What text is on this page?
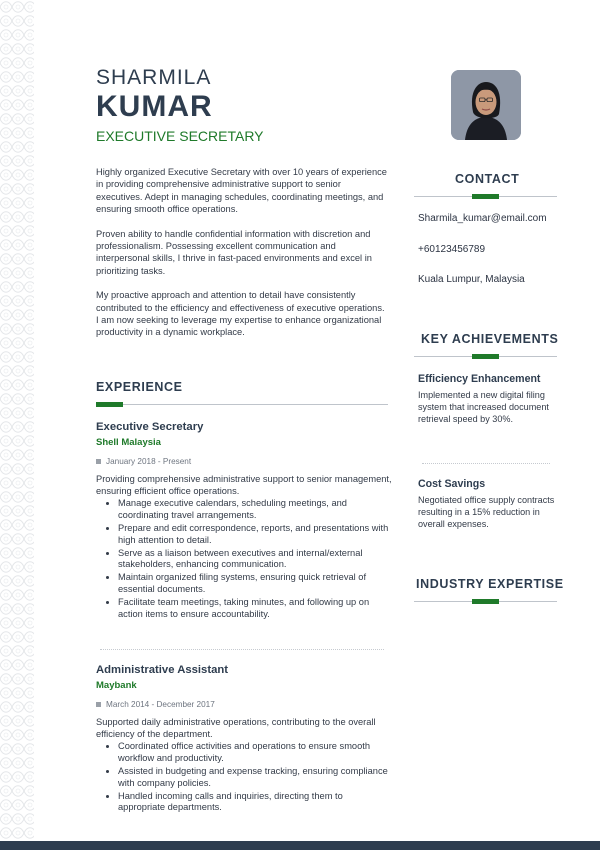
SHARMILA
KUMAR
EXECUTIVE SECRETARY

Highly organized Executive Secretary with over 10 years of experience in providing comprehensive administrative support to senior executives. Adept in managing schedules, coordinating meetings, and ensuring smooth office operations.

Proven ability to handle confidential information with discretion and professionalism. Possessing excellent communication and interpersonal skills, I thrive in fast-paced environments and excel in prioritizing tasks.

My proactive approach and attention to detail have consistently contributed to the efficiency and effectiveness of executive operations. I am now seeking to leverage my expertise to enhance organizational productivity in a dynamic workplace.

EXPERIENCE
Executive Secretary
Shell Malaysia
January 2018 - Present
Providing comprehensive administrative support to senior management, ensuring efficient office operations.
• Manage executive calendars, scheduling meetings, and coordinating travel arrangements.
• Prepare and edit correspondence, reports, and presentations with high attention to detail.
• Serve as a liaison between executives and internal/external stakeholders, enhancing communication.
• Maintain organized filing systems, ensuring quick retrieval of essential documents.
• Facilitate team meetings, taking minutes, and following up on action items to ensure accountability.
Administrative Assistant
Maybank
March 2014 - December 2017
Supported daily administrative operations, contributing to the overall efficiency of the department.
• Coordinated office activities and operations to ensure smooth workflow and productivity.
• Assisted in budgeting and expense tracking, ensuring compliance with company policies.
• Handled incoming calls and inquiries, directing them to appropriate departments.
CONTACT
Sharmila_kumar@email.com
+60123456789
Kuala Lumpur, Malaysia
KEY ACHIEVEMENTS
Efficiency Enhancement
Implemented a new digital filing system that increased document retrieval speed by 30%.
Cost Savings
Negotiated office supply contracts resulting in a 15% reduction in overall expenses.
INDUSTRY EXPERTISE
